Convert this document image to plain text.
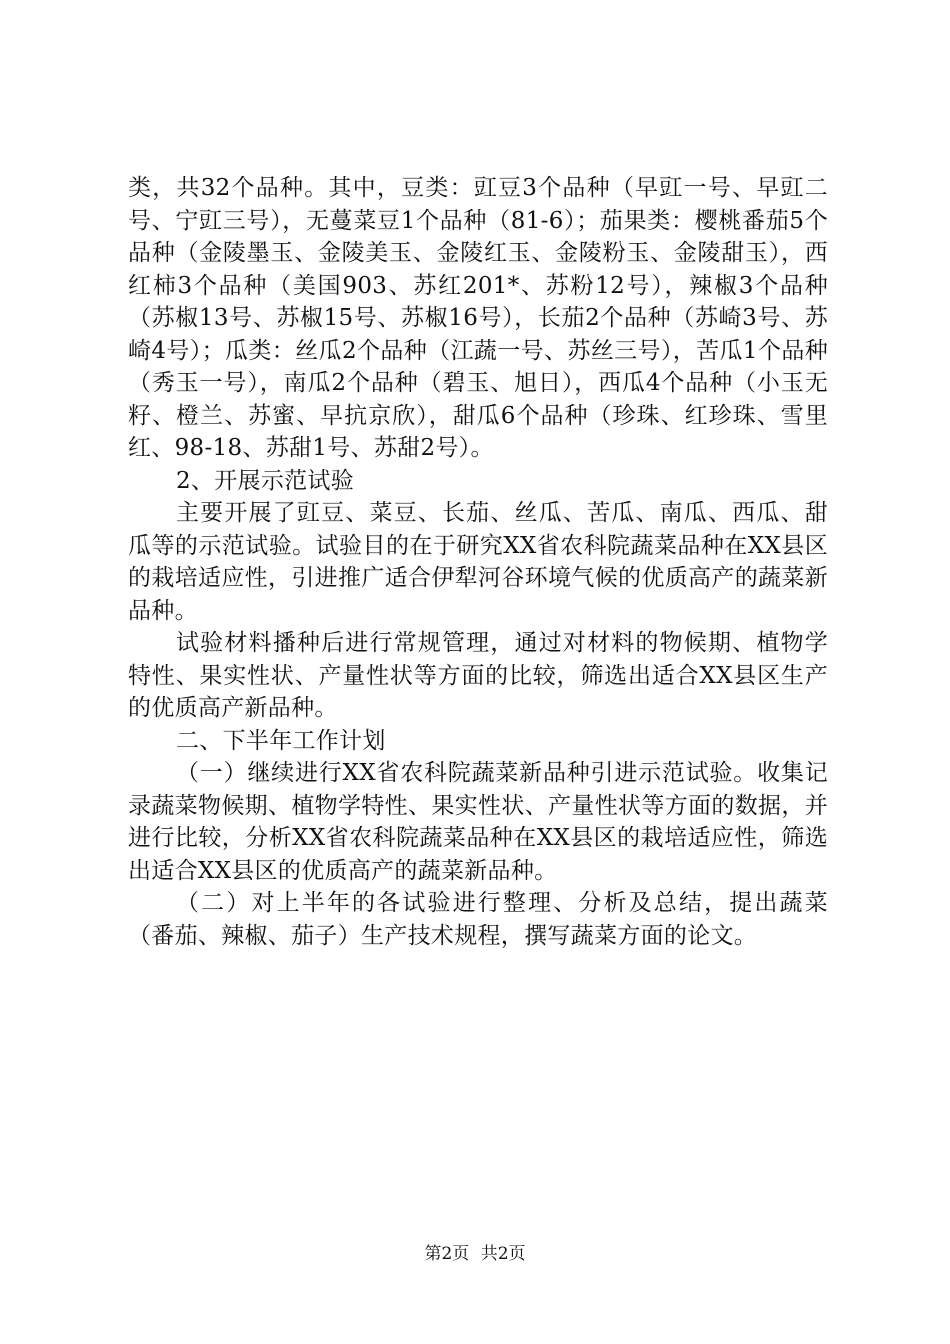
类，共32个品种。其中，豆类：豇豆3个品种（早豇一号、早豇二号、宁豇三号），无蔓菜豆1个品种（81-6）；茄果类：樱桃番茄5个品种（金陵墨玉、金陵美玉、金陵红玉、金陵粉玉、金陵甜玉），西红柿3个品种（美国903、苏红201*、苏粉12号），辣椒3个品种（苏椒13号、苏椒15号、苏椒16号），长茄2个品种（苏崎3号、苏崎4号）；瓜类：丝瓜2个品种（江蔬一号、苏丝三号），苦瓜1个品种（秀玉一号），南瓜2个品种（碧玉、旭日），西瓜4个品种（小玉无籽、橙兰、苏蜜、早抗京欣），甜瓜6个品种（珍珠、红珍珠、雪里红、98-18、苏甜1号、苏甜2号）。

2、开展示范试验

主要开展了豇豆、菜豆、长茄、丝瓜、苦瓜、南瓜、西瓜、甜瓜等的示范试验。试验目的在于研究XX省农科院蔬菜品种在XX县区的栽培适应性，引进推广适合伊犁河谷环境气候的优质高产的蔬菜新品种。

试验材料播种后进行常规管理，通过对材料的物候期、植物学特性、果实性状、产量性状等方面的比较，筛选出适合XX县区生产的优质高产新品种。

二、下半年工作计划

（一）继续进行XX省农科院蔬菜新品种引进示范试验。收集记录蔬菜物候期、植物学特性、果实性状、产量性状等方面的数据，并进行比较，分析XX省农科院蔬菜品种在XX县区的栽培适应性，筛选出适合XX县区的优质高产的蔬菜新品种。

（二）对上半年的各试验进行整理、分析及总结，提出蔬菜（番茄、辣椒、茄子）生产技术规程，撰写蔬菜方面的论文。

第2页 共2页
